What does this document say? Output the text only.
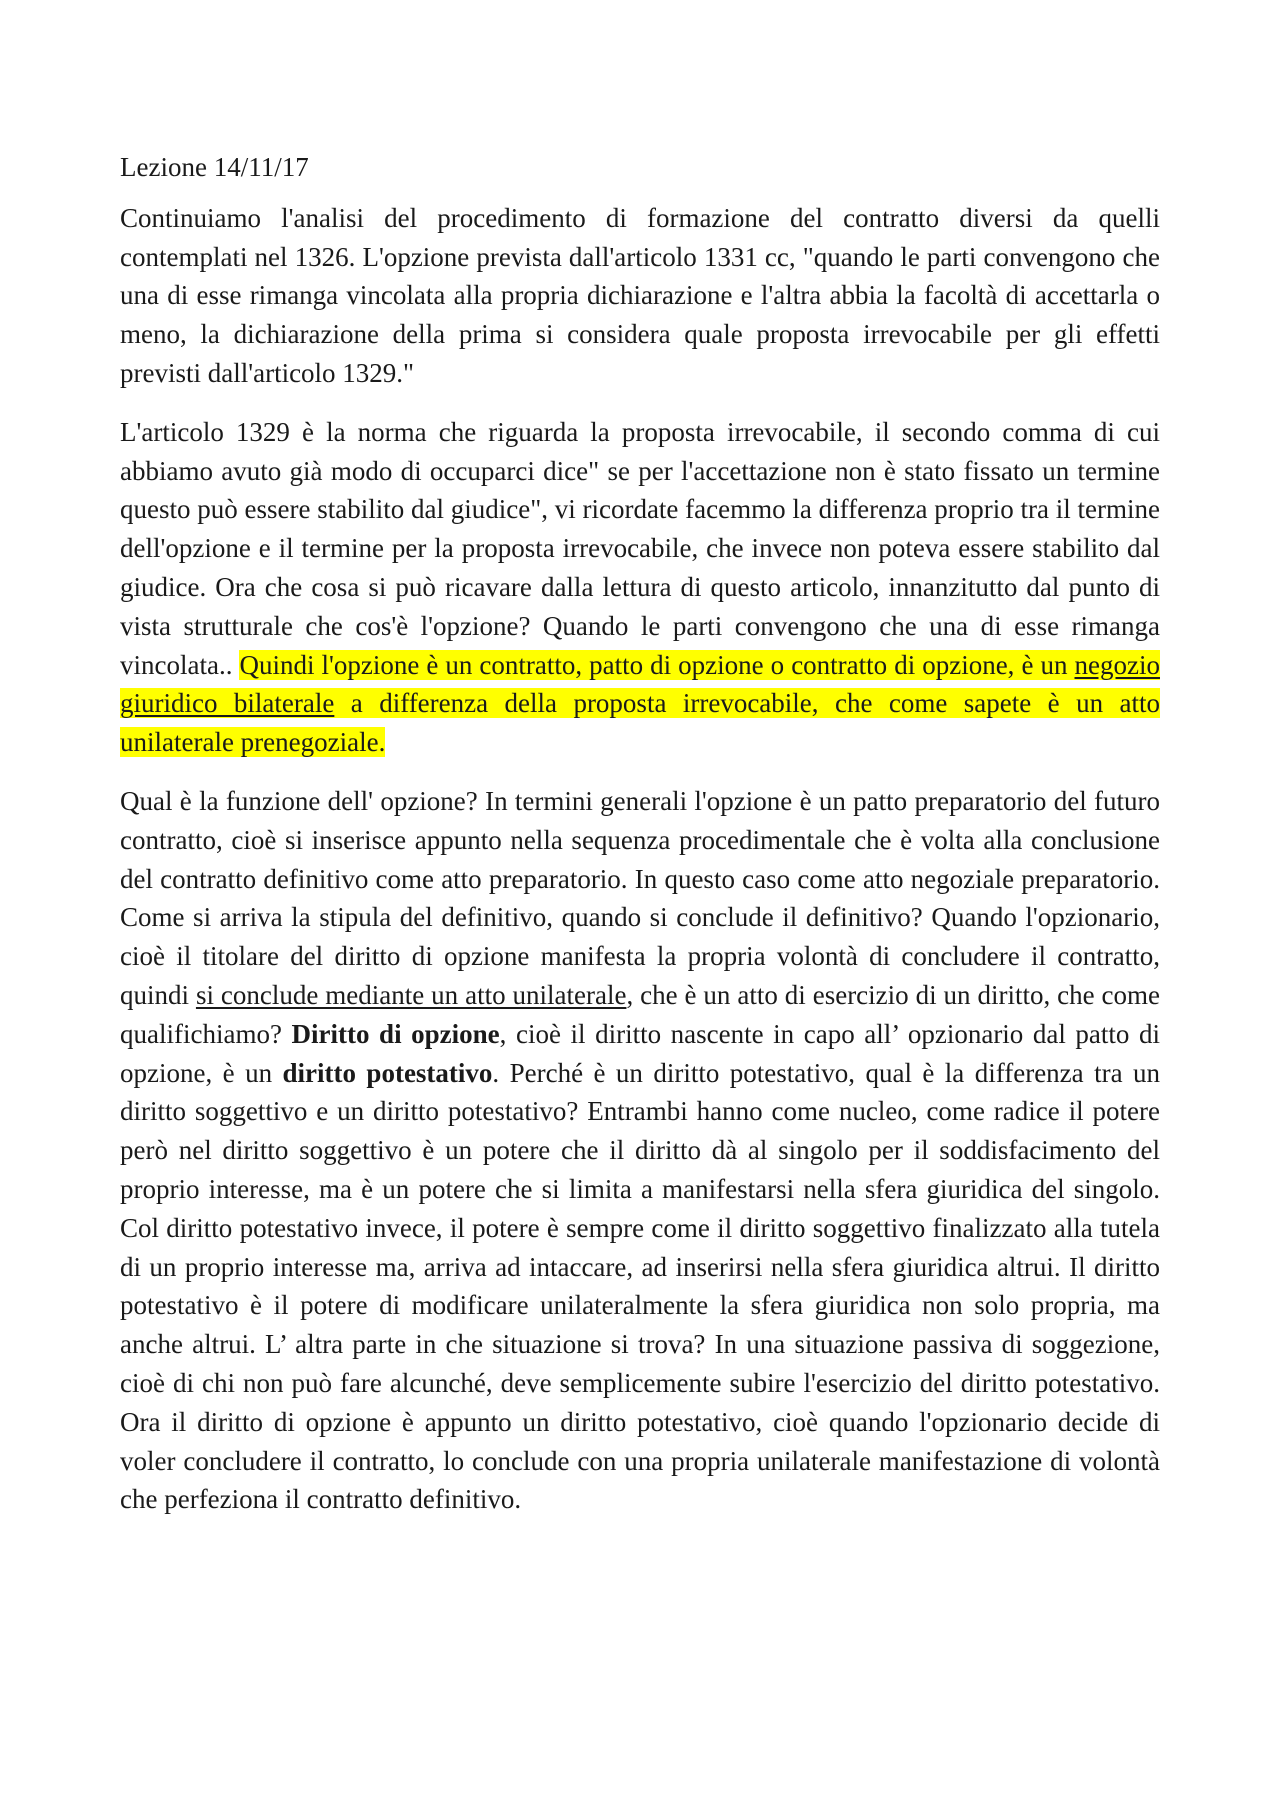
Lezione 14/11/17

Continuiamo l'analisi del procedimento di formazione del contratto diversi da quelli contemplati nel 1326. L'opzione prevista dall'articolo 1331 cc, "quando le parti convengono che una di esse rimanga vincolata alla propria dichiarazione e l'altra abbia la facoltà di accettarla o meno, la dichiarazione della prima si considera quale proposta irrevocabile per gli effetti previsti dall'articolo 1329."

L'articolo 1329 è la norma che riguarda la proposta irrevocabile, il secondo comma di cui abbiamo avuto già modo di occuparci dice" se per l'accettazione non è stato fissato un termine questo può essere stabilito dal giudice", vi ricordate facemmo la differenza proprio tra il termine dell'opzione e il termine per la proposta irrevocabile, che invece non poteva essere stabilito dal giudice. Ora che cosa si può ricavare dalla lettura di questo articolo, innanzitutto dal punto di vista strutturale che cos'è l'opzione? Quando le parti convengono che una di esse rimanga vincolata.. Quindi l'opzione è un contratto, patto di opzione o contratto di opzione, è un negozio giuridico bilaterale a differenza della proposta irrevocabile, che come sapete è un atto unilaterale prenegoziale.

Qual è la funzione dell' opzione? In termini generali l'opzione è un patto preparatorio del futuro contratto, cioè si inserisce appunto nella sequenza procedimentale che è volta alla conclusione del contratto definitivo come atto preparatorio. In questo caso come atto negoziale preparatorio. Come si arriva la stipula del definitivo, quando si conclude il definitivo? Quando l'opzionario, cioè il titolare del diritto di opzione manifesta la propria volontà di concludere il contratto, quindi si conclude mediante un atto unilaterale, che è un atto di esercizio di un diritto, che come qualifichiamo? Diritto di opzione, cioè il diritto nascente in capo all’ opzionario dal patto di opzione, è un diritto potestativo. Perché è un diritto potestativo, qual è la differenza tra un diritto soggettivo e un diritto potestativo? Entrambi hanno come nucleo, come radice il potere però nel diritto soggettivo è un potere che il diritto dà al singolo per il soddisfacimento del proprio interesse, ma è un potere che si limita a manifestarsi nella sfera giuridica del singolo. Col diritto potestativo invece, il potere è sempre come il diritto soggettivo finalizzato alla tutela di un proprio interesse ma, arriva ad intaccare, ad inserirsi nella sfera giuridica altrui. Il diritto potestativo è il potere di modificare unilateralmente la sfera giuridica non solo propria, ma anche altrui. L’ altra parte in che situazione si trova? In una situazione passiva di soggezione, cioè di chi non può fare alcunché, deve semplicemente subire l'esercizio del diritto potestativo. Ora il diritto di opzione è appunto un diritto potestativo, cioè quando l'opzionario decide di voler concludere il contratto, lo conclude con una propria unilaterale manifestazione di volontà che perfeziona il contratto definitivo.
